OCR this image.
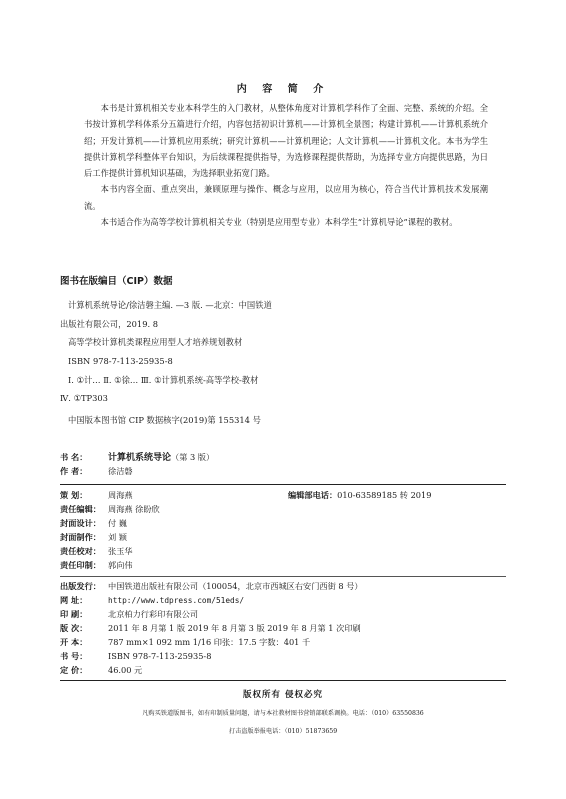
内 容 简 介

本书是计算机相关专业本科学生的入门教材，从整体角度对计算机学科作了全面、完整、系统的介绍。全书按计算机学科体系分五篇进行介绍，内容包括初识计算机——计算机全景图；构建计算机——计算机系统介绍；开发计算机——计算机应用系统；研究计算机——计算机理论；人文计算机——计算机文化。本书为学生提供计算机学科整体平台知识，为后续课程提供指导，为选修课程提供帮助，为选择专业方向提供思路，为日后工作提供计算机知识基础，为选择职业拓宽门路。

本书内容全面、重点突出，兼顾原理与操作、概念与应用，以应用为核心，符合当代计算机技术发展潮流。

本书适合作为高等学校计算机相关专业（特别是应用型专业）本科学生“计算机导论”课程的教材。

图书在版编目（CIP）数据
计算机系统导论/徐洁磐主编. —3 版. —北京：中国铁道
出版社有限公司，2019. 8
高等学校计算机类课程应用型人才培养规划教材
ISBN 978-7-113-25935-8
Ⅰ. ①计… Ⅱ. ①徐… Ⅲ. ①计算机系统-高等学校-教材
Ⅳ. ①TP303
中国版本图书馆 CIP 数据核字(2019)第 155314 号
书 名： 计算机系统导论（第 3 版）
作 者：	徐洁磐
策 划：	周海燕	编辑部电话：010-63589185 转 2019
责任编辑： 周海燕 徐盼欣
封面设计： 付 巍
封面制作： 刘 颖
责任校对： 张玉华
责任印制： 郭向伟
出版发行： 中国铁道出版社有限公司（100054，北京市西城区右安门西街 8 号）
网 址：	http://www.tdpress.com/51eds/
印 刷：	北京柏力行彩印有限公司
版 次：	2011 年 8 月第 1 版 2019 年 8 月第 3 版 2019 年 8 月第 1 次印刷
开 本：	787 mm×1 092 mm 1/16 印张：17.5 字数：401 千
书 号：	ISBN 978-7-113-25935-8
定 价：	46.00 元
版权所有 侵权必究
凡购买铁道版图书，如有印制质量问题，请与本社教材图书营销部联系调换。电话：（010）63550836
打击盗版举报电话：（010）51873659
